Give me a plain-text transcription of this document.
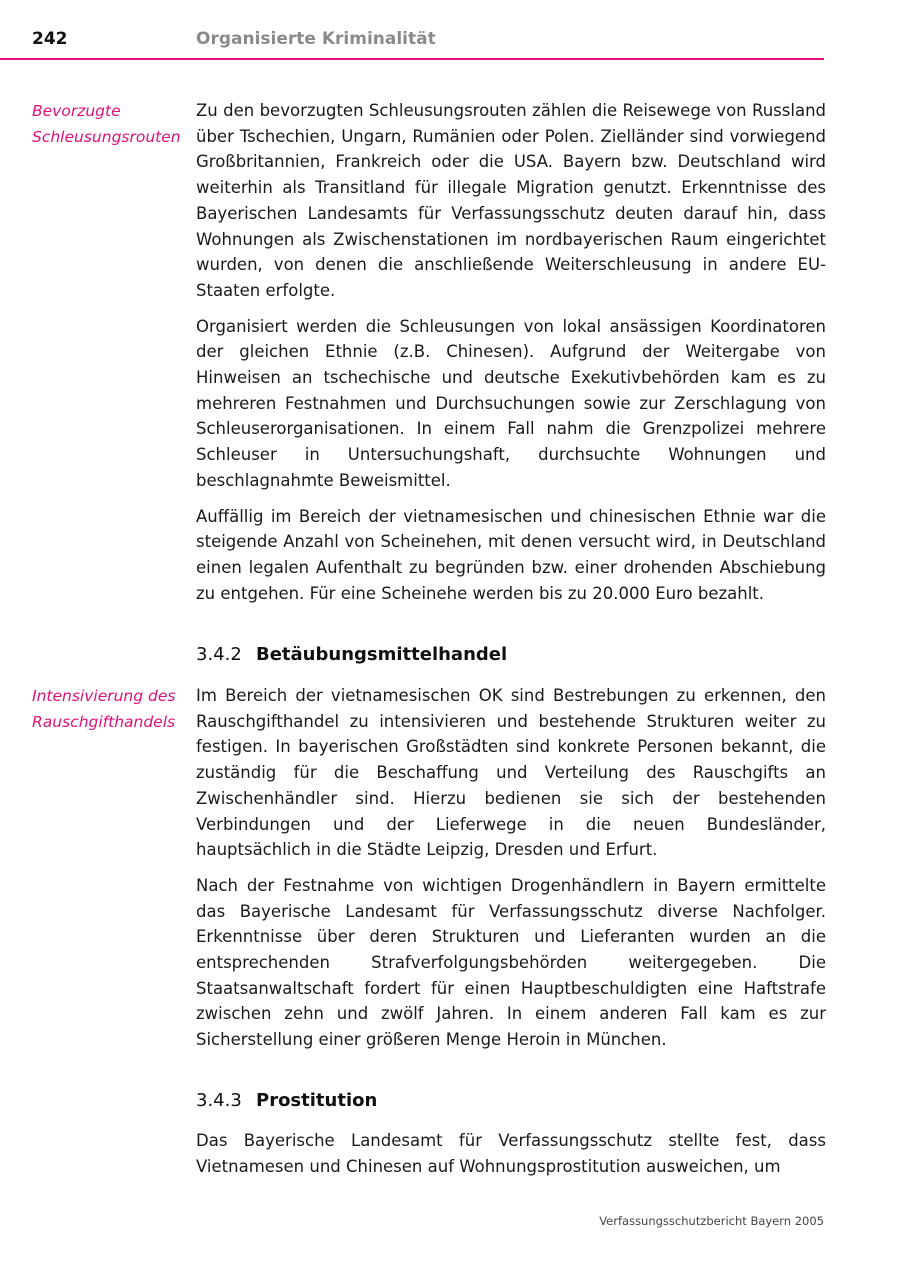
242	Organisierte Kriminalität
Bevorzugte
Schleusungsrouten

Zu den bevorzugten Schleusungsrouten zählen die Reisewege von Russland über Tschechien, Ungarn, Rumänien oder Polen. Zielländer sind vorwiegend Großbritannien, Frankreich oder die USA. Bayern bzw. Deutschland wird weiterhin als Transitland für illegale Migration genutzt. Erkenntnisse des Bayerischen Landesamts für Verfassungsschutz deuten darauf hin, dass Wohnungen als Zwischenstationen im nordbayerischen Raum eingerichtet wurden, von denen die anschließende Weiterschleusung in andere EU-Staaten erfolgte.

Organisiert werden die Schleusungen von lokal ansässigen Koordinatoren der gleichen Ethnie (z.B. Chinesen). Aufgrund der Weitergabe von Hinweisen an tschechische und deutsche Exekutivbehörden kam es zu mehreren Festnahmen und Durchsuchungen sowie zur Zerschlagung von Schleuserorganisationen. In einem Fall nahm die Grenzpolizei mehrere Schleuser in Untersuchungshaft, durchsuchte Wohnungen und beschlagnahmte Beweismittel.

Auffällig im Bereich der vietnamesischen und chinesischen Ethnie war die steigende Anzahl von Scheinehen, mit denen versucht wird, in Deutschland einen legalen Aufenthalt zu begründen bzw. einer drohenden Abschiebung zu entgehen. Für eine Scheinehe werden bis zu 20.000 Euro bezahlt.

3.4.2 Betäubungsmittelhandel
Intensivierung des
Rauschgifthandels

Im Bereich der vietnamesischen OK sind Bestrebungen zu erkennen, den Rauschgifthandel zu intensivieren und bestehende Strukturen weiter zu festigen. In bayerischen Großstädten sind konkrete Personen bekannt, die zuständig für die Beschaffung und Verteilung des Rauschgifts an Zwischenhändler sind. Hierzu bedienen sie sich der bestehenden Verbindungen und der Lieferwege in die neuen Bundesländer, hauptsächlich in die Städte Leipzig, Dresden und Erfurt.

Nach der Festnahme von wichtigen Drogenhändlern in Bayern ermittelte das Bayerische Landesamt für Verfassungsschutz diverse Nachfolger. Erkenntnisse über deren Strukturen und Lieferanten wurden an die entsprechenden Strafverfolgungsbehörden weitergegeben. Die Staatsanwaltschaft fordert für einen Hauptbeschuldigten eine Haftstrafe zwischen zehn und zwölf Jahren. In einem anderen Fall kam es zur Sicherstellung einer größeren Menge Heroin in München.

3.4.3 Prostitution

Das Bayerische Landesamt für Verfassungsschutz stellte fest, dass Vietnamesen und Chinesen auf Wohnungsprostitution ausweichen, um

Verfassungsschutzbericht Bayern 2005
